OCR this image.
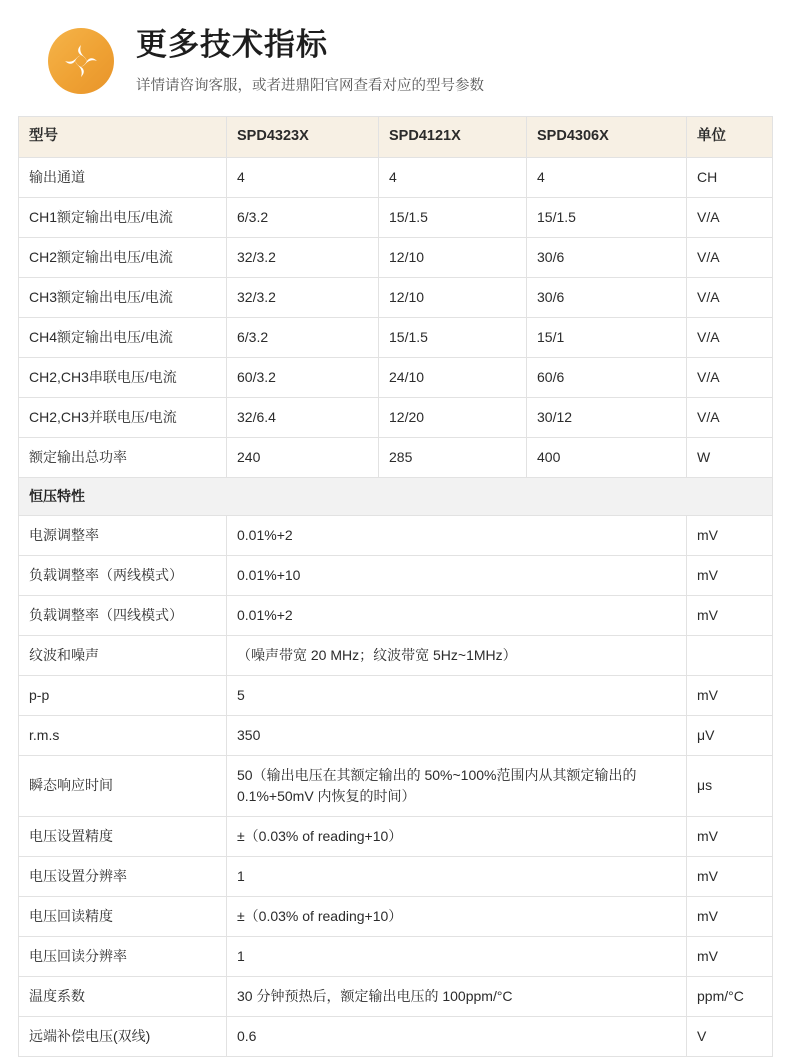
更多技术指标
详情请咨询客服，或者进鼎阳官网查看对应的型号参数
型号	SPD4323X	SPD4121X	SPD4306X	单位
输出通道	4	4	4	CH
CH1额定输出电压/电流	6/3.2	15/1.5	15/1.5	V/A
CH2额定输出电压/电流	32/3.2	12/10	30/6	V/A
CH3额定输出电压/电流	32/3.2	12/10	30/6	V/A
CH4额定输出电压/电流	6/3.2	15/1.5	15/1	V/A
CH2,CH3串联电压/电流	60/3.2	24/10	60/6	V/A
CH2,CH3并联电压/电流	32/6.4	12/20	30/12	V/A
额定输出总功率	240	285	400	W
恒压特性				
电源调整率	0.01%+2			mV
负载调整率（两线模式）	0.01%+10			mV
负载调整率（四线模式）	0.01%+2			mV
纹波和噪声	（噪声带宽 20 MHz；纹波带宽 5Hz~1MHz）			
p-p	5			mV
r.m.s	350			μV
瞬态响应时间	50（输出电压在其额定输出的 50%~100%范围内从其额定输出的 0.1%+50mV 内恢复的时间）			μs
电压设置精度	±（0.03% of reading+10）			mV
电压设置分辨率	1			mV
电压回读精度	±（0.03% of reading+10）			mV
电压回读分辨率	1			mV
温度系数	30 分钟预热后，额定输出电压的 100ppm/°C			ppm/°C
远端补偿电压(双线)	0.6			V
